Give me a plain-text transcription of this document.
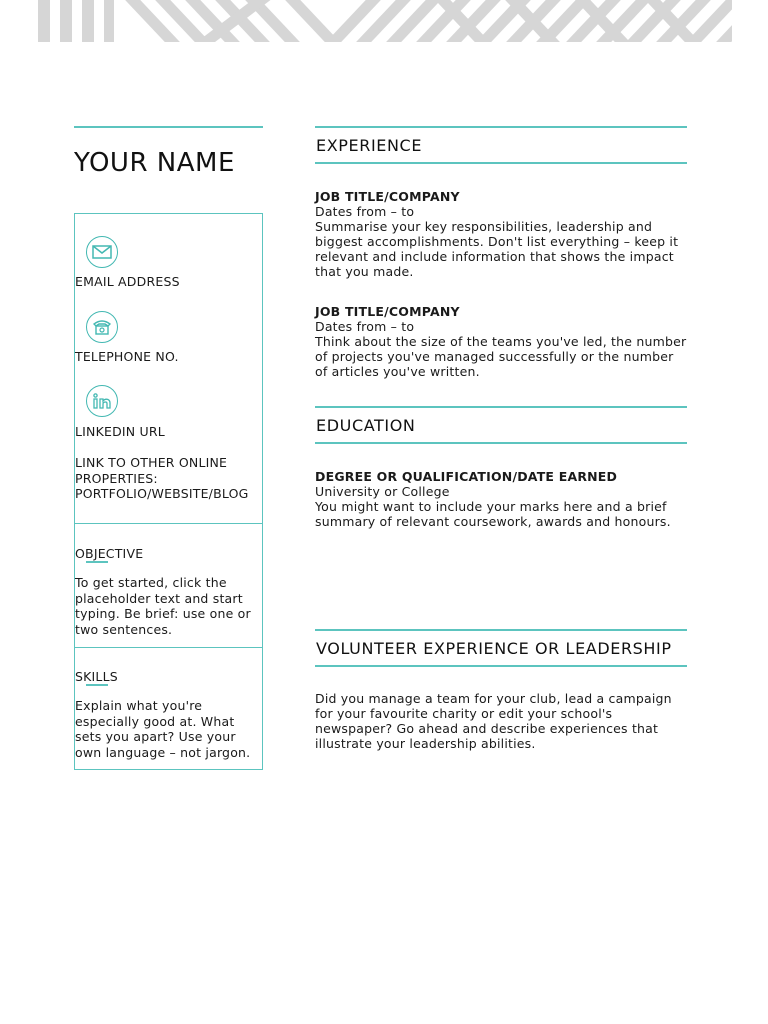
YOUR NAME
EMAIL ADDRESS
TELEPHONE NO.
LINKEDIN URL
LINK TO OTHER ONLINE PROPERTIES: PORTFOLIO/WEBSITE/BLOG
OBJECTIVE
To get started, click the placeholder text and start typing. Be brief: use one or two sentences.
SKILLS
Explain what you're especially good at. What sets you apart? Use your own language – not jargon.
EXPERIENCE
JOB TITLE/COMPANY
Dates from – to
Summarise your key responsibilities, leadership and biggest accomplishments. Don't list everything – keep it relevant and include information that shows the impact that you made.
JOB TITLE/COMPANY
Dates from – to
Think about the size of the teams you've led, the number of projects you've managed successfully or the number of articles you've written.
EDUCATION
DEGREE OR QUALIFICATION/DATE EARNED
University or College
You might want to include your marks here and a brief summary of relevant coursework, awards and honours.
VOLUNTEER EXPERIENCE OR LEADERSHIP
Did you manage a team for your club, lead a campaign for your favourite charity or edit your school's newspaper? Go ahead and describe experiences that illustrate your leadership abilities.
